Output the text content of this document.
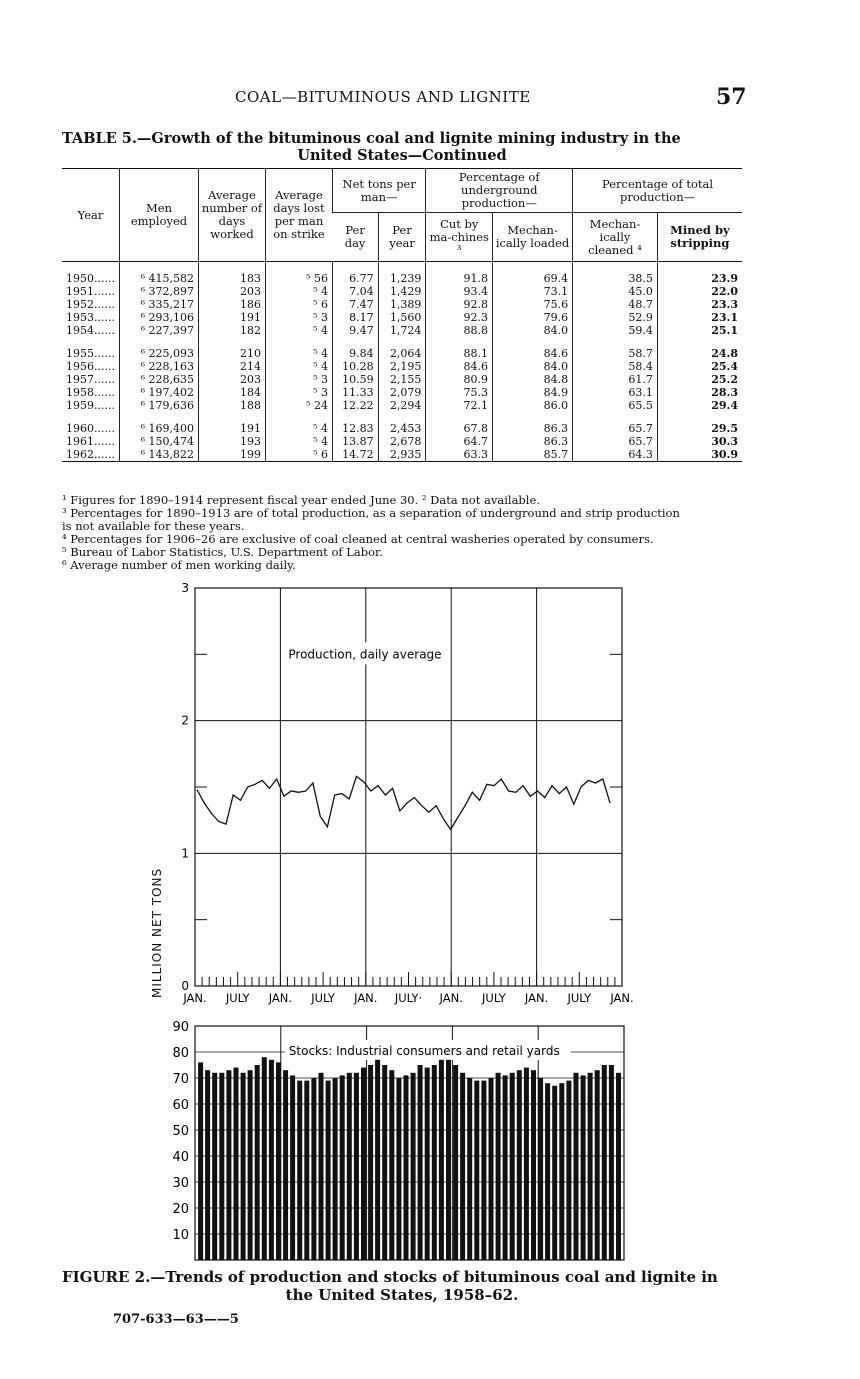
COAL—BITUMINOUS AND LIGNITE	57
TABLE 5.—Growth of the bituminous coal and lignite mining industry in the
United States—Continued
Year	Men employed	Average number of days worked	Average days lost per man on strike	Net tons per man—		Percentage of underground production—		Percentage of total production—	
				Per day	Per year	Cut by ma-chines ³	Mechan-ically loaded	Mechan-ically cleaned ⁴	Mined by stripping

1950......	⁶ 415,582	183	⁵ 56	6.77	1,239	91.8	69.4	38.5	23.9
1951......	⁶ 372,897	203	⁵ 4	7.04	1,429	93.4	73.1	45.0	22.0
1952......	⁶ 335,217	186	⁵ 6	7.47	1,389	92.8	75.6	48.7	23.3
1953......	⁶ 293,106	191	⁵ 3	8.17	1,560	92.3	79.6	52.9	23.1
1954......	⁶ 227,397	182	⁵ 4	9.47	1,724	88.8	84.0	59.4	25.1

1955......	⁶ 225,093	210	⁵ 4	9.84	2,064	88.1	84.6	58.7	24.8
1956......	⁶ 228,163	214	⁵ 4	10.28	2,195	84.6	84.0	58.4	25.4
1957......	⁶ 228,635	203	⁵ 3	10.59	2,155	80.9	84.8	61.7	25.2
1958......	⁶ 197,402	184	⁵ 3	11.33	2,079	75.3	84.9	63.1	28.3
1959......	⁶ 179,636	188	⁵ 24	12.22	2,294	72.1	86.0	65.5	29.4

1960......	⁶ 169,400	191	⁵ 4	12.83	2,453	67.8	86.3	65.7	29.5
1961......	⁶ 150,474	193	⁵ 4	13.87	2,678	64.7	86.3	65.7	30.3
1962......	⁶ 143,822	199	⁵ 6	14.72	2,935	63.3	85.7	64.3	30.9
¹ Figures for 1890–1914 represent fiscal year ended June 30. ² Data not available.
³ Percentages for 1890–1913 are of total production, as a separation of underground and strip production
is not available for these years.
⁴ Percentages for 1906–26 are exclusive of coal cleaned at central washeries operated by consumers.
⁵ Bureau of Labor Statistics, U.S. Department of Labor.
⁶ Average number of men working daily.
0
1
2
3
JAN. JULY JAN. JULY JAN. JULY· JAN. JULY JAN. JULY JAN.
Production, daily average
MILLION NET TONS
10
20
30
40
50
60
70
80
90
Stocks: Industrial consumers and retail yards
FIGURE 2.—Trends of production and stocks of bituminous coal and lignite in
the United States, 1958–62.
707-633—63——5
